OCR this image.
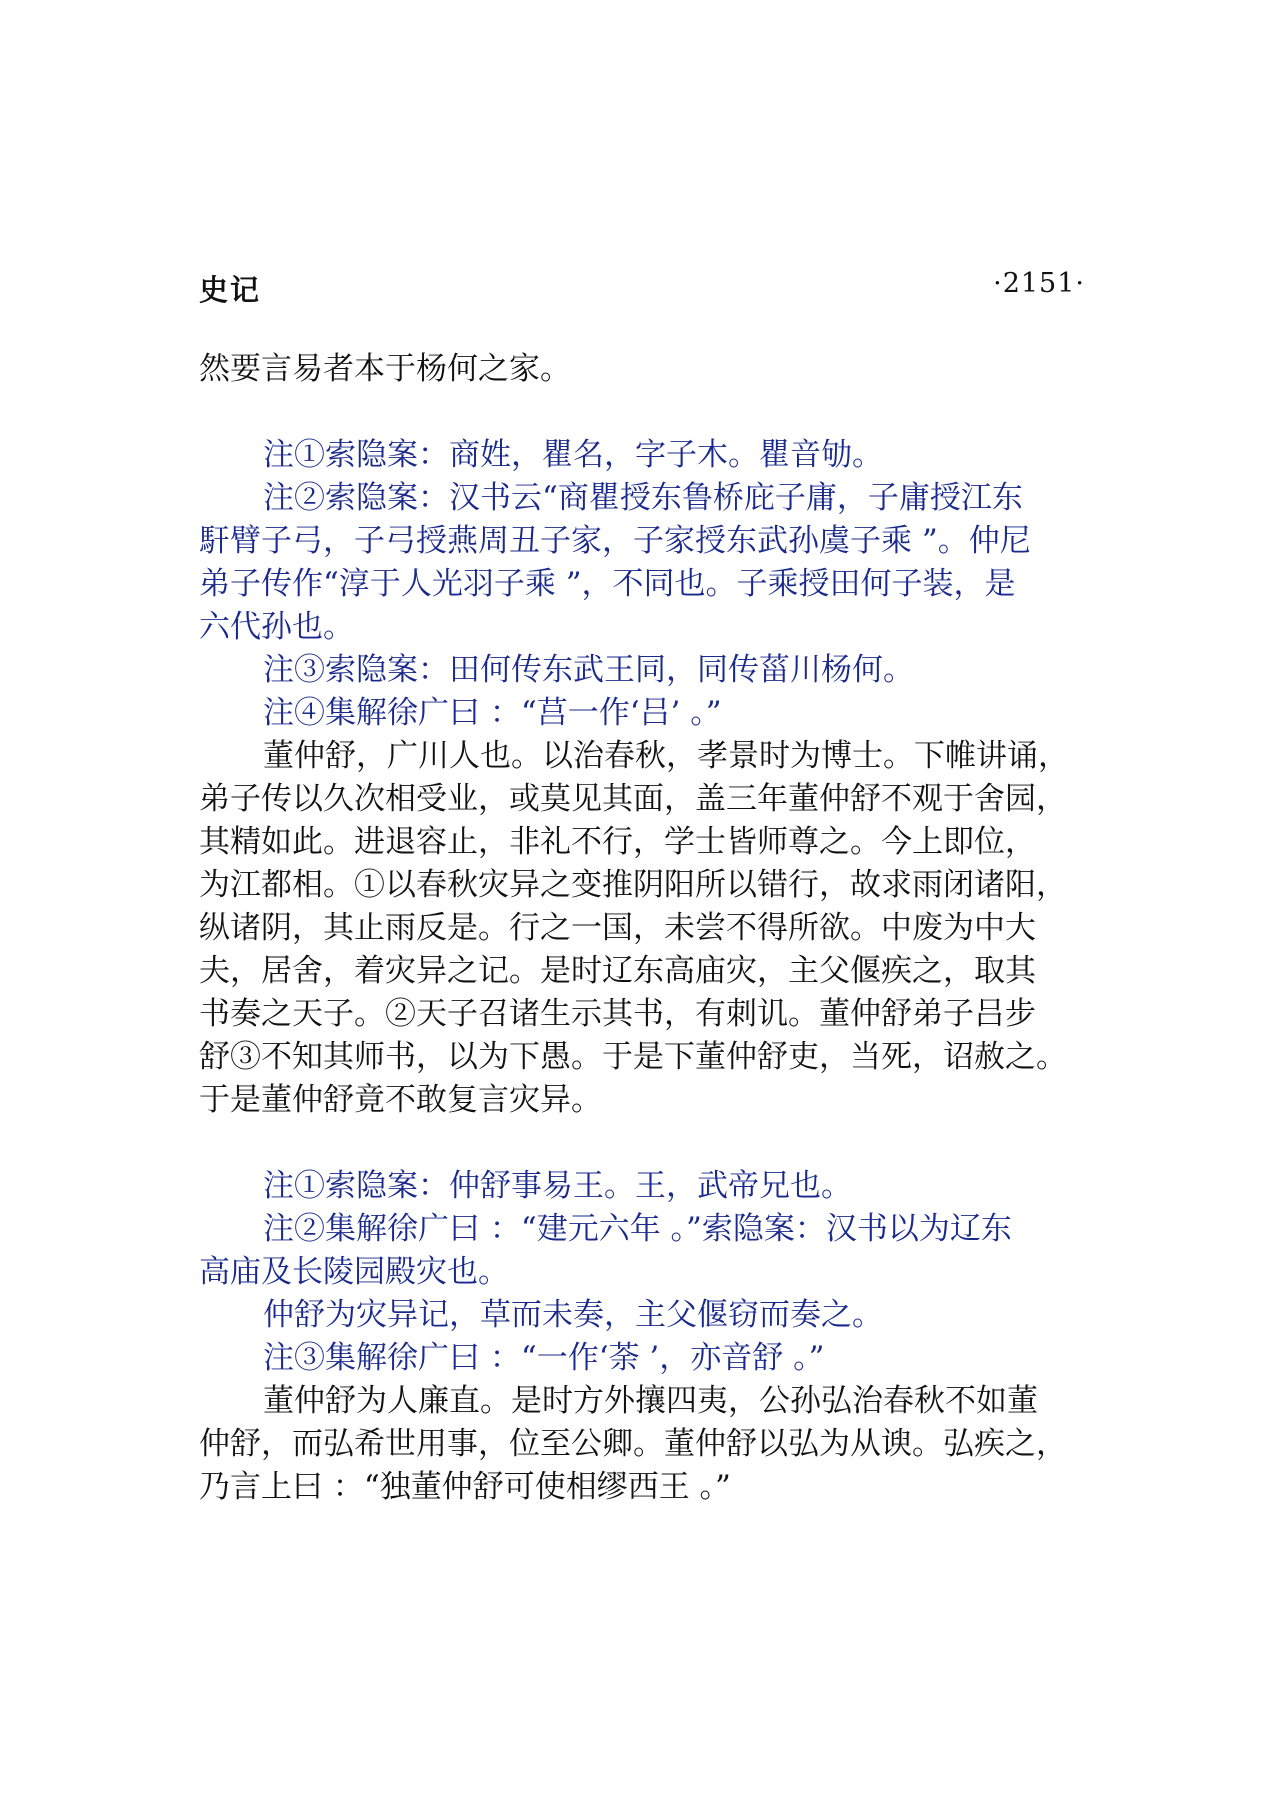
史记	·2151·
然要言易者本于杨何之家。
注①索隐案：商姓，瞿名，字子木。瞿音劬。
注②索隐案：汉书云“商瞿授东鲁桥庇子庸，子庸授江东
馯臂子弓，子弓授燕周丑子家，子家授东武孙虞子乘 ”。仲尼
弟子传作“淳于人光羽子乘 ”，不同也。子乘授田何子装，是
六代孙也。
注③索隐案：田何传东武王同，同传菑川杨何。
注④集解徐广曰 ：“莒一作‘吕’ 。”
董仲舒，广川人也。以治春秋，孝景时为博士。下帷讲诵，
弟子传以久次相受业，或莫见其面，盖三年董仲舒不观于舍园，
其精如此。进退容止，非礼不行，学士皆师尊之。今上即位，
为江都相。①以春秋灾异之变推阴阳所以错行，故求雨闭诸阳，
纵诸阴，其止雨反是。行之一国，未尝不得所欲。中废为中大
夫，居舍，着灾异之记。是时辽东高庙灾，主父偃疾之，取其
书奏之天子。②天子召诸生示其书，有刺讥。董仲舒弟子吕步
舒③不知其师书，以为下愚。于是下董仲舒吏，当死，诏赦之。
于是董仲舒竟不敢复言灾异。
注①索隐案：仲舒事易王。王，武帝兄也。
注②集解徐广曰 ：“建元六年 。”索隐案：汉书以为辽东
高庙及长陵园殿灾也。
仲舒为灾异记，草而未奏，主父偃窃而奏之。
注③集解徐广曰 ：“一作‘荼 ’，亦音舒 。”
董仲舒为人廉直。是时方外攘四夷，公孙弘治春秋不如董
仲舒，而弘希世用事，位至公卿。董仲舒以弘为从谀。弘疾之，
乃言上曰 ：“独董仲舒可使相缪西王 。”
